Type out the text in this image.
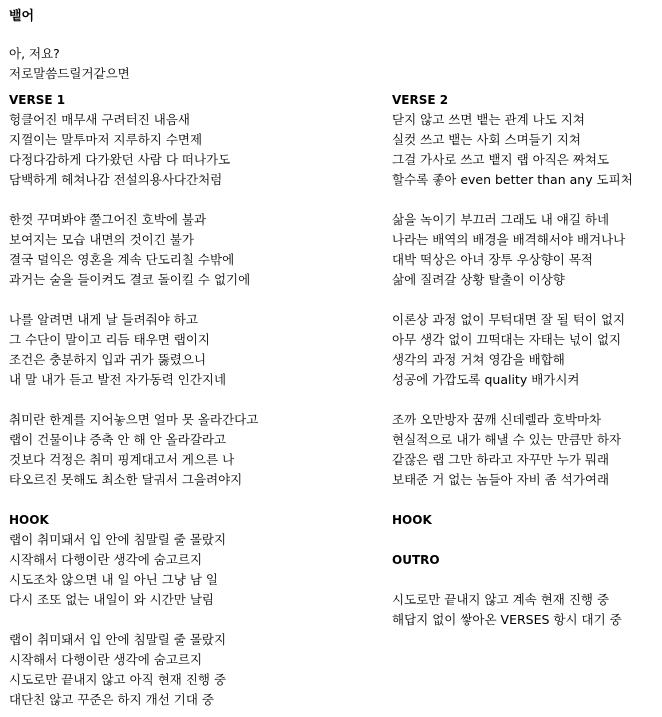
뱉어
아, 저요?
저로말씀드릴거같으면
VERSE 1
헝클어진 매무새 구려터진 내음새
지껄이는 말투마저 지루하지 수면제
다정다감하게 다가왔던 사람 다 떠나가도
담백하게 헤쳐나감 전설의용사다간처럼
한껏 꾸며봐야 쭐그어진 호박에 불과
보여지는 모습 내면의 것이긴 불가
결국 덜익은 영혼을 계속 단도리칠 수밖에
과거는 술을 들이켜도 결코 돌이킬 수 없기에
나를 알려면 내게 날 들려줘야 하고
그 수단이 말이고 리듬 태우면 랩이지
조건은 충분하지 입과 귀가 뚫렸으니
내 말 내가 듣고 발전 자가동력 인간지네
취미란 한계를 지어놓으면 얼마 못 올라간다고
랩이 건물이냐 증축 안 해 안 올라갈라고
것보다 걱정은 취미 핑계대고서 게으른 나
타오르진 못해도 최소한 달궈서 그을려야지
HOOK
랩이 취미돼서 입 안에 침말릴 줄 몰랐지
시작해서 다행이란 생각에 숨고르지
시도조차 않으면 내 일 아닌 그냥 남 일
다시 조또 없는 내일이 와 시간만 날림
랩이 취미돼서 입 안에 침말릴 줄 몰랐지
시작해서 다행이란 생각에 숨고르지
시도로만 끝내지 않고 아직 현재 진행 중
대단친 않고 꾸준은 하지 개선 기대 중
VERSE 2
닫지 않고 쓰면 뱉는 관계 나도 지쳐
실컷 쓰고 뱉는 사회 스며들기 지쳐
그걸 가사로 쓰고 뱉지 랩 아직은 짜쳐도
할수록 좋아 even better than any 도피처
삶을 녹이기 부끄러 그래도 내 얘길 하네
나라는 배역의 배경을 배격해서야 배겨나나
대박 떡상은 아녀 장투 우상향이 목적
삶에 질려갈 상황 탈출이 이상향
이론상 과정 없이 무턱대면 잘 될 턱이 없지
아무 생각 없이 끄떡대는 자태는 넋이 없지
생각의 과정 거쳐 영감을 배합해
성공에 가깝도록 quality 배가시켜
조까 오만방자 꿈깨 신데렐라 호박마차
현실적으로 내가 해낼 수 있는 만큼만 하자
같잖은 랩 그만 하라고 자꾸만 누가 뭐래
보태준 거 없는 놈들아 자비 좀 석가여래
HOOK
OUTRO
시도로만 끝내지 않고 계속 현재 진행 중
해답지 없이 쌓아온 VERSES 항시 대기 중
